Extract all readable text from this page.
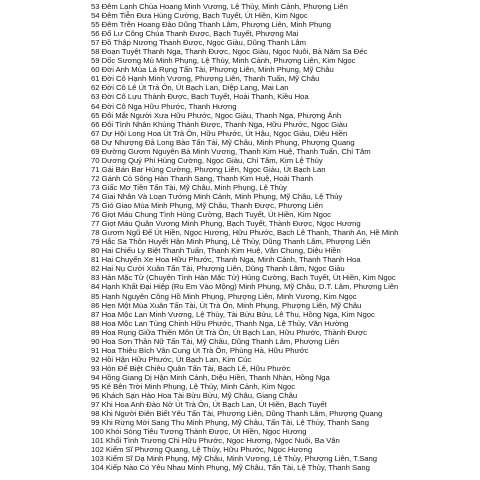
53 Đêm Lạnh Chùa Hoang Minh Vương, Lệ Thủy, Minh Cảnh, Phượng Liên
54 Đêm Tiễn Đưa Hùng Cường, Bạch Tuyết, Út Hiền, Kim Ngọc
55 Đêm Trên Hoang Đảo Dũng Thanh Lâm, Phượng Liên, Minh Phụng
56 Đổ Lư Công Chúa Thanh Được, Bạch Tuyết, Phượng Mai
57 Đồ Thập Nương Thanh Được, Ngọc Giàu, Dũng Thanh Lâm
58 Đoạn Tuyệt Thanh Nga, Thanh Được, Ngọc Giàu, Ngọc Nuôi, Bà Năm Sa Đéc
59 Dốc Sương Mù Minh Phụng, Lệ Thủy, Minh Cảnh, Phượng Liên, Kim Ngọc
60 Đời Anh Mùa Lá Rụng Tấn Tài, Phượng Liên, Minh Phụng, Mỹ Châu
61 Đời Cô Hạnh Minh Vương, Phượng Liên, Thanh Tuấn, Mỹ Châu
62 Đời Cô Lê Út Trà Ôn, Út Bạch Lan, Diệp Lang, Mai Lan
63 Đời Cô Lựu Thành Được, Bạch Tuyết, Hoài Thanh, Kiều Hoa
64 Đời Cô Nga Hữu Phước, Thanh Hương
65 Đôi Mắt Người Xưa Hữu Phước, Ngọc Giàu, Thanh Nga, Phượng Ánh
66 Đôi Tình Nhân Khùng Thành Được, Thanh Nga, Hữu Phước, Ngọc Giàu
67 Dự Hội Long Hoa Út Trà Ôn, Hữu Phước, Út Hậu, Ngọc Giàu, Diệu Hiền
68 Dự Nhượng Đả Long Bào Tấn Tài, Mỹ Châu, Minh Phụng, Phượng Quang
69 Đường Gươm Nguyên Bá Minh Vương, Thanh Kim Huệ, Thanh Tuấn, Chí Tâm
70 Dương Quý Phi Hùng Cường, Ngọc Giàu, Chí Tâm, Kim Lệ Thủy
71 Gái Bán Bar Hùng Cường, Phượng Liên, Ngọc Giàu, Út Bạch Lan
72 Gánh Cỏ Sông Hàn Thanh Sang, Thanh Kim Huệ, Hoài Thanh
73 Giấc Mơ Tiền Tấn Tài, Mỹ Châu, Minh Phụng, Lệ Thủy
74 Giai Nhân Và Loạn Tướng Minh Cảnh, Minh Phụng, Mỹ Châu, Lệ Thủy
75 Gió Giao Mùa Minh Phụng, Mỹ Châu, Thanh Được, Phượng Liên
76 Giọt Máu Chung Tình Hùng Cường, Bạch Tuyết, Út Hiền, Kim Ngọc
77 Giọt Máu Quân Vương Minh Phụng, Bạch Tuyết, Thành Được, Ngọc Hương
78 Gươm Ngũ Đế Út Hiền, Ngọc Hương, Hữu Phước, Bạch Lê Thanh, Thanh An, Hề Minh
79 Hắc Sa Thôn Huyết Hận Minh Phụng, Lệ Thủy, Dũng Thanh Lâm, Phượng Liên
80 Hai Chiếu Ly Biệt Thanh Tuấn, Thanh Kim Huệ, Văn Chung, Diệu Hiền
81 Hai Chuyến Xe Hoa Hữu Phước, Thanh Nga, Minh Cảnh, Thanh Thanh Hoa
82 Hai Nụ Cười Xuân Tấn Tài, Phượng Liên, Dũng Thanh Lâm, Ngọc Giàu
83 Hàn Mặc Tử (Chuyện Tình Hàn Mặc Tử) Hùng Cường, Bạch Tuyết, Út Hiền, Kim Ngọc
84 Hạnh Khất Đại Hiệp (Ru Em Vào Mộng) Minh Phụng, Mỹ Châu, D.T. Lâm, Phượng Liên
85 Hạnh Nguyên Công Hồ Minh Phụng, Phượng Liên, Minh Vương, Kim Ngọc
86 Hẹn Một Mùa Xuân Tấn Tài, Út Trà Ôn, Minh Phụng, Phượng Liên, Mỹ Châu
87 Hoa Mộc Lan Minh Vương, Lệ Thủy, Tài Bửu Bửu, Lê Thu, Hồng Nga, Kim Ngọc
88 Hoa Mộc Lan Tùng Chinh Hữu Phước, Thanh Nga, Lệ Thủy, Văn Hường
89 Hoa Rụng Giữa Thiền Môn Út Trà Ôn, Út Bạch Lan, Hữu Phước, Thành Được
90 Hoa Sơn Thần Nữ Tấn Tài, Mỹ Châu, Dũng Thanh Lâm, Phượng Liên
91 Hoa Thiêu Bích Vân Cung Út Trà Ôn, Phùng Hà, Hữu Phước
92 Hồi Hận Hữu Phước, Út Bạch Lan, Kim Cúc
93 Hòn Đế Biệt Chiêu Quân Tấn Tài, Bạch Lê, Hữu Phước
94 Hồng Giang Dị Hận Minh Cảnh, Diệu Hiền, Thanh Nhàn, Hồng Nga
95 Kẻ Bên Trời Minh Phụng, Lệ Thủy, Minh Cảnh, Kim Ngọc
96 Khách Sạn Hào Hoa Tài Bửu Bửu, Mỹ Châu, Giang Châu
97 Khi Hoa Anh Đào Nở Út Trà Ôn, Út Bạch Lan, Út Hiền, Bạch Tuyết
98 Khi Người Điên Biết Yêu Tấn Tài, Phượng Liên, Dũng Thanh Lâm, Phượng Quang
99 Khi Rừng Mới Sang Thu Minh Phụng, Mỹ Châu, Tấn Tài, Lệ Thủy, Thanh Sang
100 Khói Sóng Tiêu Tương Thành Được, Út Hiền, Ngọc Hương
101 Khối Tình Trương Chi Hữu Phước, Ngọc Hương, Ngọc Nuôi, Ba Vân
102 Kiếm Sĩ Phương Quang, Lệ Thủy, Hữu Phước, Ngọc Hương
103 Kiếm Sĩ Dạ Minh Phụng, Mỹ Châu, Minh Vương, Lệ Thủy, Phượng Liên, T.Sang
104 Kiếp Nào Có Yêu Nhau Minh Phụng, Mỹ Châu, Tấn Tài, Lệ Thủy, Thanh Sang
